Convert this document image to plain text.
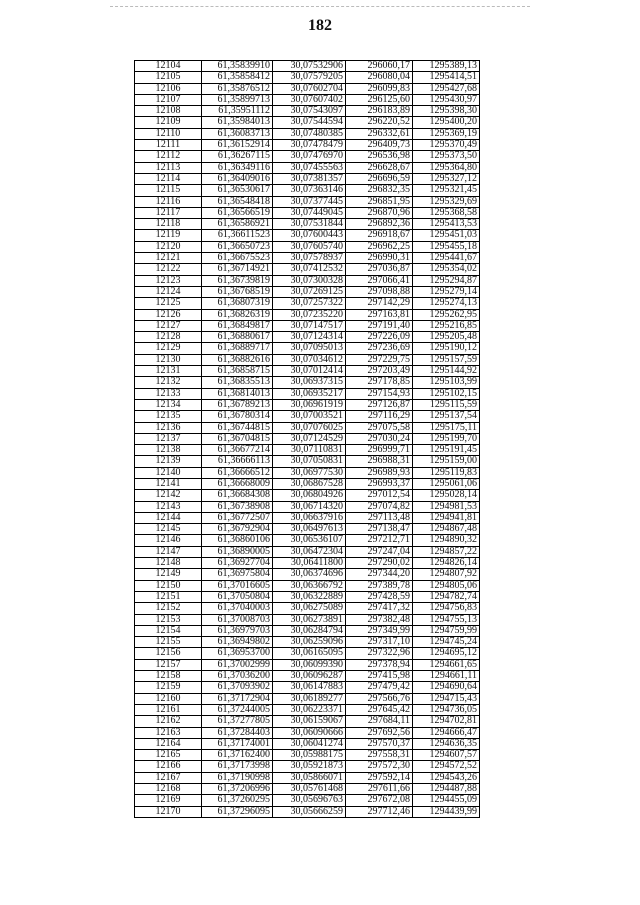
182
12104	61,35839910	30,07532906	296060,17	1295389,13
12105	61,35858412	30,07579205	296080,04	1295414,51
12106	61,35876512	30,07602704	296099,83	1295427,68
12107	61,35899713	30,07607402	296125,60	1295430,97
12108	61,35951112	30,07543097	296183,89	1295398,30
12109	61,35984013	30,07544594	296220,52	1295400,20
12110	61,36083713	30,07480385	296332,61	1295369,19
12111	61,36152914	30,07478479	296409,73	1295370,49
12112	61,36267115	30,07476970	296536,98	1295373,50
12113	61,36349116	30,07455563	296628,67	1295364,80
12114	61,36409016	30,07381357	296696,59	1295327,12
12115	61,36530617	30,07363146	296832,35	1295321,45
12116	61,36548418	30,07377445	296851,95	1295329,69
12117	61,36566519	30,07449045	296870,96	1295368,58
12118	61,36586921	30,07531844	296892,36	1295413,53
12119	61,36611523	30,07600443	296918,67	1295451,03
12120	61,36650723	30,07605740	296962,25	1295455,18
12121	61,36675523	30,07578937	296990,31	1295441,67
12122	61,36714921	30,07412532	297036,87	1295354,02
12123	61,36739819	30,07300328	297066,41	1295294,87
12124	61,36768519	30,07269125	297098,88	1295279,14
12125	61,36807319	30,07257322	297142,29	1295274,13
12126	61,36826319	30,07235220	297163,81	1295262,95
12127	61,36849817	30,07147517	297191,40	1295216,85
12128	61,36880617	30,07124314	297226,09	1295205,48
12129	61,36889717	30,07095013	297236,69	1295190,12
12130	61,36882616	30,07034612	297229,75	1295157,59
12131	61,36858715	30,07012414	297203,49	1295144,92
12132	61,36835513	30,06937315	297178,85	1295103,99
12133	61,36814013	30,06935217	297154,93	1295102,15
12134	61,36789213	30,06961919	297126,87	1295115,59
12135	61,36780314	30,07003521	297116,29	1295137,54
12136	61,36744815	30,07076025	297075,58	1295175,11
12137	61,36704815	30,07124529	297030,24	1295199,70
12138	61,36677214	30,07110831	296999,71	1295191,45
12139	61,36666113	30,07050831	296988,31	1295159,00
12140	61,36666512	30,06977530	296989,93	1295119,83
12141	61,36668009	30,06867528	296993,37	1295061,06
12142	61,36684308	30,06804926	297012,54	1295028,14
12143	61,36738908	30,06714320	297074,82	1294981,53
12144	61,36772507	30,06637916	297113,48	1294941,81
12145	61,36792904	30,06497613	297138,47	1294867,48
12146	61,36860106	30,06536107	297212,71	1294890,32
12147	61,36890005	30,06472304	297247,04	1294857,22
12148	61,36927704	30,06411800	297290,02	1294826,14
12149	61,36975804	30,06374696	297344,20	1294807,92
12150	61,37016605	30,06366792	297389,78	1294805,06
12151	61,37050804	30,06322889	297428,59	1294782,74
12152	61,37040003	30,06275089	297417,32	1294756,83
12153	61,37008703	30,06273891	297382,48	1294755,13
12154	61,36979703	30,06284794	297349,99	1294759,99
12155	61,36949802	30,06259096	297317,10	1294745,24
12156	61,36953700	30,06165095	297322,96	1294695,12
12157	61,37002999	30,06099390	297378,94	1294661,65
12158	61,37036200	30,06096287	297415,98	1294661,11
12159	61,37093902	30,06147883	297479,42	1294690,64
12160	61,37172904	30,06189277	297566,76	1294715,43
12161	61,37244005	30,06223371	297645,42	1294736,05
12162	61,37277805	30,06159067	297684,11	1294702,81
12163	61,37284403	30,06090666	297692,56	1294666,47
12164	61,37174001	30,06041274	297570,37	1294636,35
12165	61,37162400	30,05988175	297558,31	1294607,57
12166	61,37173998	30,05921873	297572,30	1294572,52
12167	61,37190998	30,05866071	297592,14	1294543,26
12168	61,37206996	30,05761468	297611,66	1294487,88
12169	61,37260295	30,05696763	297672,08	1294455,09
12170	61,37296095	30,05666259	297712,46	1294439,99
